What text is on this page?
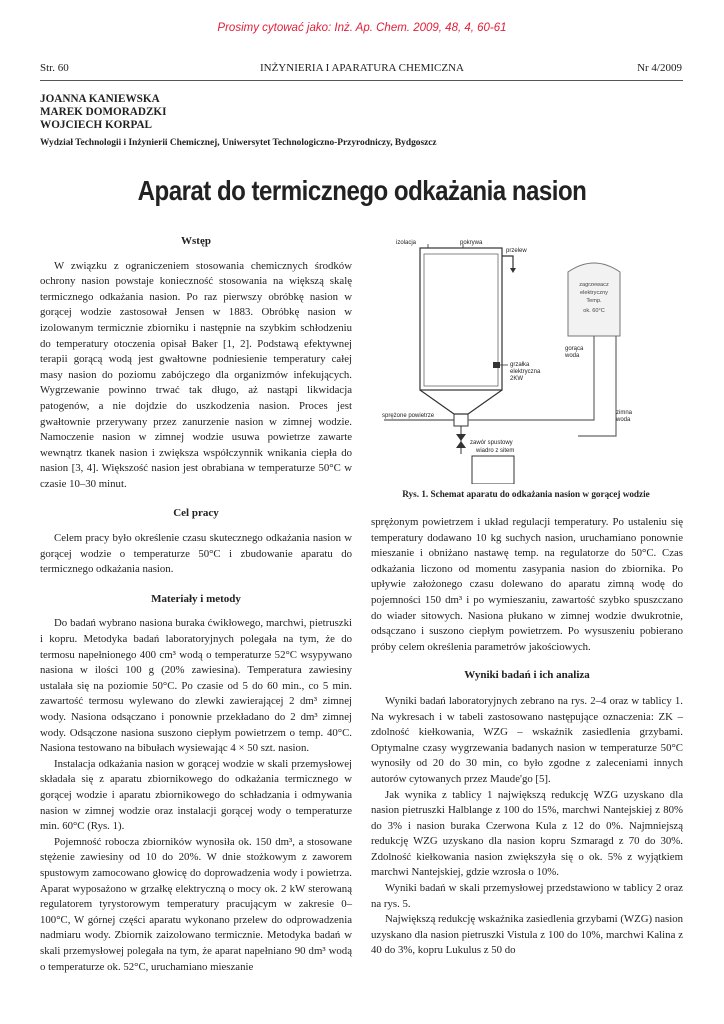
Prosimy cytować jako: Inż. Ap. Chem. 2009, 48, 4, 60-61
Str. 60	INŻYNIERIA I APARATURA CHEMICZNA	Nr 4/2009
JOANNA KANIEWSKA
MAREK DOMORADZKI
WOJCIECH KORPAL
Wydział Technologii i Inżynierii Chemicznej, Uniwersytet Technologiczno-Przyrodniczy, Bydgoszcz
Aparat do termicznego odkażania nasion
Wstęp

W związku z ograniczeniem stosowania chemicznych środków ochrony nasion powstaje konieczność stosowania na większą skalę termicznego odkażania nasion. Po raz pierwszy obróbkę nasion w gorącej wodzie zastosował Jensen w 1883. Obróbkę nasion w izolowanym termicznie zbiorniku i następnie na szybkim schłodzeniu do temperatury otoczenia opisał Baker [1, 2]. Podstawą efektywnej terapii gorącą wodą jest gwałtowne podniesienie temperatury całej masy nasion do poziomu zabójczego dla organizmów infekujących. Wygrzewanie powinno trwać tak długo, aż nastąpi likwidacja patogenów, a nie dojdzie do uszkodzenia nasion. Proces jest gwałtownie przerywany przez zanurzenie nasion w zimnej wodzie. Namoczenie nasion w zimnej wodzie usuwa powietrze zawarte wewnątrz tkanek nasion i zwiększa współczynnik wnikania ciepła do nasion [3, 4]. Większość nasion jest obrabiana w temperaturze 50°C w czasie 10–30 minut.

Cel pracy

Celem pracy było określenie czasu skutecznego odkażania nasion w gorącej wodzie o temperaturze 50°C i zbudowanie aparatu do termicznego odkażania nasion.

Materiały i metody

Do badań wybrano nasiona buraka ćwikłowego, marchwi, pietruszki i kopru. Metodyka badań laboratoryjnych polegała na tym, że do termosu napełnionego 400 cm³ wodą o temperaturze 52°C wsypywano nasiona w ilości 100 g (20% zawiesina). Temperatura zawiesiny ustalała się na poziomie 50°C. Po czasie od 5 do 60 min., co 5 min. zawartość termosu wylewano do zlewki zawierającej 2 dm³ zimnej wody. Nasiona odsączano i ponownie przekładano do 2 dm³ zimnej wody. Odsączone nasiona suszono ciepłym powietrzem o temp. 40°C. Nasiona testowano na bibułach wysiewając 4 × 50 szt. nasion.

Instalacja odkażania nasion w gorącej wodzie w skali przemysłowej składała się z aparatu zbiornikowego do odkażania termicznego w gorącej wodzie i aparatu zbiornikowego do schładzania i odmywania nasion w zimnej wodzie oraz instalacji gorącej wody o temperaturze min. 60°C (Rys. 1).

Pojemność robocza zbiorników wynosiła ok. 150 dm³, a stosowane stężenie zawiesiny od 10 do 20%. W dnie stożkowym z zaworem spustowym zamocowano głowicę do doprowadzenia wody i powietrza. Aparat wyposażono w grzałkę elektryczną o mocy ok. 2 kW sterowaną regulatorem tyrystorowym temperatury pracującym w zakresie 0–100°C, W górnej części aparatu wykonano przelew do odprowadzenia nadmiaru wody. Zbiornik zaizolowano termicznie. Metodyka badań w skali przemysłowej polegała na tym, że aparat napełniano 90 dm³ wodą o temperaturze ok. 52°C, uruchamiano mieszanie

izolacja	pokrywa
przelew
grzałka
elektryczna
2KW
sprężone powietrze
zawór spustowy
wiadro z sitem
zagrzewacz
elektryczny
Temp.
ok. 60°C
gorąca
woda
zimna
woda
Rys. 1. Schemat aparatu do odkażania nasion w gorącej wodzie

sprężonym powietrzem i układ regulacji temperatury. Po ustaleniu się temperatury dodawano 10 kg suchych nasion, uruchamiano ponownie mieszanie i obniżano nastawę temp. na regulatorze do 50°C. Czas odkażania liczono od momentu zasypania nasion do zbiornika. Po upływie założonego czasu dolewano do aparatu zimną wodę do pojemności 150 dm³ i po wymieszaniu, zawartość szybko spuszczano do wiader sitowych. Nasiona płukano w zimnej wodzie dwukrotnie, odsączano i suszono ciepłym powietrzem. Po wysuszeniu pobierano próby celem określenia parametrów jakościowych.

Wyniki badań i ich analiza

Wyniki badań laboratoryjnych zebrano na rys. 2–4 oraz w tablicy 1. Na wykresach i w tabeli zastosowano następujące oznaczenia: ZK – zdolność kiełkowania, WZG – wskaźnik zasiedlenia grzybami. Optymalne czasy wygrzewania badanych nasion w temperaturze 50°C wynosiły od 20 do 30 min, co było zgodne z zaleceniami innych autorów cytowanych przez Maude'go [5].

Jak wynika z tablicy 1 największą redukcję WZG uzyskano dla nasion pietruszki Halblange z 100 do 15%, marchwi Nantejskiej z 80% do 3% i nasion buraka Czerwona Kula z 12 do 0%. Najmniejszą redukcję WZG uzyskano dla nasion kopru Szmaragd z 70 do 30%. Zdolność kiełkowania nasion zwiększyła się o ok. 5% z wyjątkiem marchwi Nantejskiej, gdzie wzrosła o 10%.

Wyniki badań w skali przemysłowej przedstawiono w tablicy 2 oraz na rys. 5.

Największą redukcję wskaźnika zasiedlenia grzybami (WZG) nasion uzyskano dla nasion pietruszki Vistula z 100 do 10%, marchwi Kalina z 40 do 3%, kopru Lukulus z 50 do
